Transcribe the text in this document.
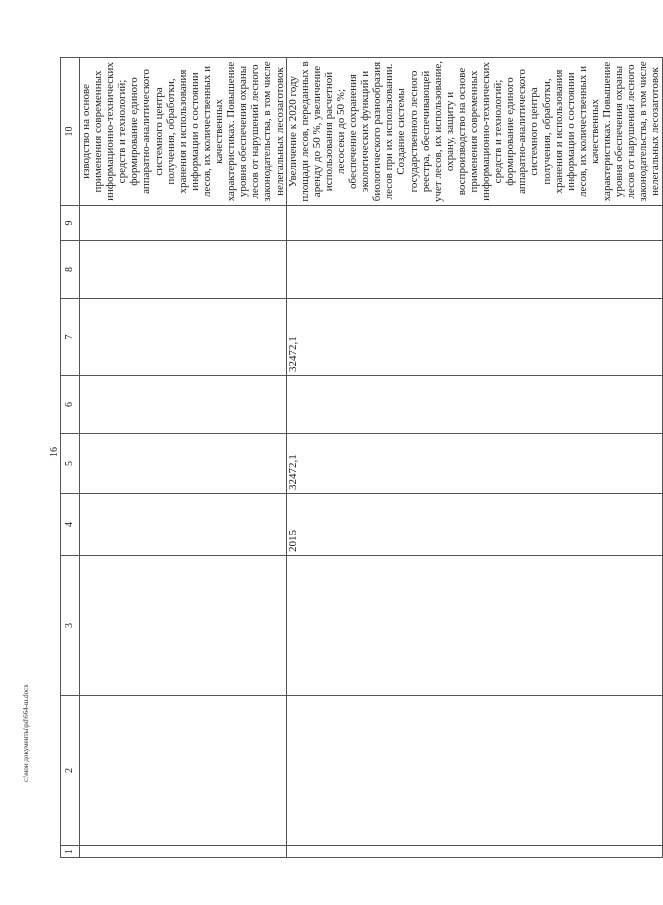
16
1	2	3	4	5	6	7	8	9	10
									изводство на основе применения современных информационно-технических средств и технологий; формирование единого аппаратно-аналитического системного центра получения, обработки, хранения и использования информации о состоянии лесов, их количественных и качественных характеристиках. Повышение уровня обеспечения охраны лесов от нарушений лесного законодательства, в том числе нелегальных лесозаготовок
			2015	32472,1		32472,1			Увеличение к 2020 году площади лесов, переданных в аренду до 50 %, увеличение использования расчетной лесосеки до 50 %; обеспечение сохранения экологических функций и биологического разнообразия лесов при их использовании. Создание системы государственного лесного реестра, обеспечивающей учет лесов, их использование, охрану, защиту и воспроизводство на основе применения современных информационно-технических средств и технологий; формирование единого аппаратно-аналитического системного центра получения, обработки, хранения и использования информации о состоянии лесов, их количественных и качественных характеристиках. Повышение уровня обеспечения охраны лесов от нарушений лесного законодательства, в том числе нелегальных лесозаготовок
c:\мои документы\pd\664-ш.docx
